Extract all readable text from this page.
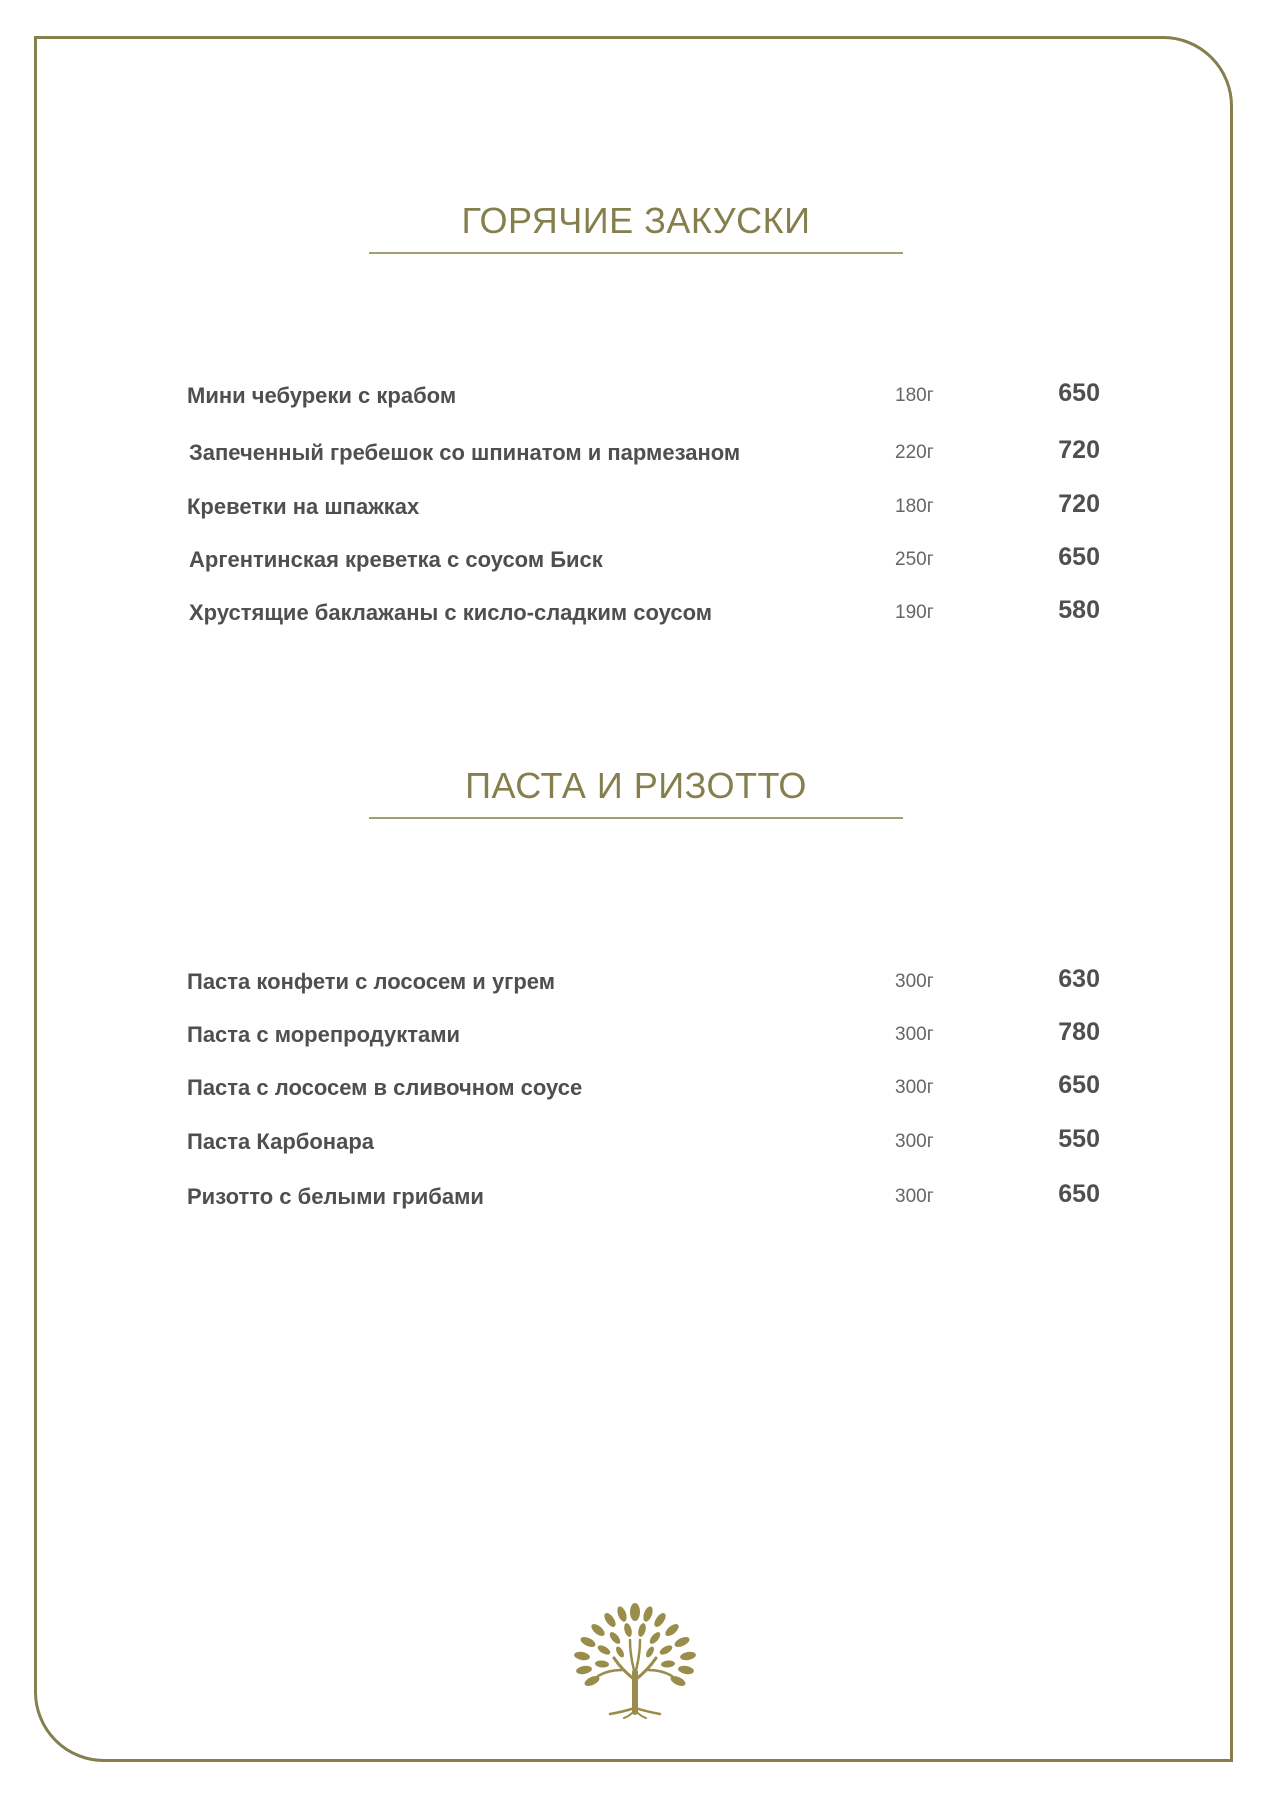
ГОРЯЧИЕ ЗАКУСКИ
Мини чебуреки с крабом	180г	650
Запеченный гребешок со шпинатом и пармезаном	220г	720
Креветки на шпажках	180г	720
Аргентинская креветка с соусом Биск	250г	650
Хрустящие баклажаны с кисло-сладким соусом	190г	580
ПАСТА И РИЗОТТО
Паста конфети с лососем и угрем	300г	630
Паста с морепродуктами	300г	780
Паста с лососем в сливочном соусе	300г	650
Паста Карбонара	300г	550
Ризотто с белыми грибами	300г	650
